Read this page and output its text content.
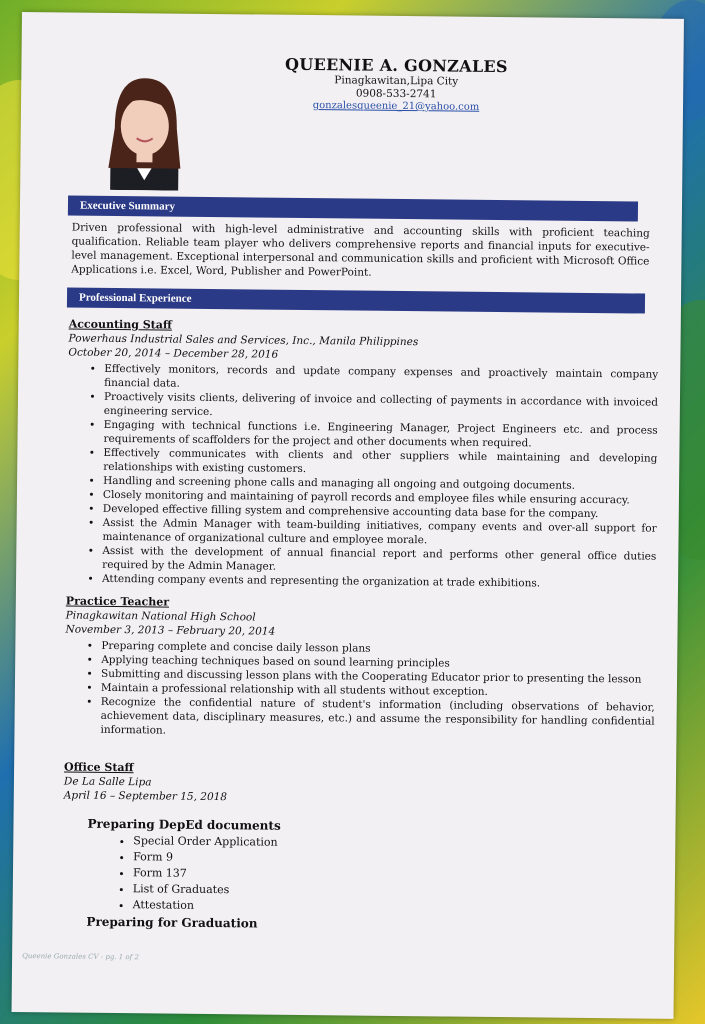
QUEENIE A. GONZALES
Pinagkawitan,Lipa City
0908-533-2741
gonzalesqueenie_21@yahoo.com
Executive Summary
Driven professional with high-level administrative and accounting skills with proficient teaching qualification. Reliable team player who delivers comprehensive reports and financial inputs for executive-level management. Exceptional interpersonal and communication skills and proficient with Microsoft Office Applications i.e. Excel, Word, Publisher and PowerPoint.
Professional Experience
Accounting Staff
Powerhaus Industrial Sales and Services, Inc., Manila Philippines
October 20, 2014 – December 28, 2016
• Effectively monitors, records and update company expenses and proactively maintain company financial data.
• Proactively visits clients, delivering of invoice and collecting of payments in accordance with invoiced engineering service.
• Engaging with technical functions i.e. Engineering Manager, Project Engineers etc. and process requirements of scaffolders for the project and other documents when required.
• Effectively communicates with clients and other suppliers while maintaining and developing relationships with existing customers.
• Handling and screening phone calls and managing all ongoing and outgoing documents.
• Closely monitoring and maintaining of payroll records and employee files while ensuring accuracy.
• Developed effective filling system and comprehensive accounting data base for the company.
• Assist the Admin Manager with team-building initiatives, company events and over-all support for maintenance of organizational culture and employee morale.
• Assist with the development of annual financial report and performs other general office duties required by the Admin Manager.
• Attending company events and representing the organization at trade exhibitions.
Practice Teacher
Pinagkawitan National High School
November 3, 2013 – February 20, 2014
• Preparing complete and concise daily lesson plans
• Applying teaching techniques based on sound learning principles
• Submitting and discussing lesson plans with the Cooperating Educator prior to presenting the lesson
• Maintain a professional relationship with all students without exception.
• Recognize the confidential nature of student's information (including observations of behavior, achievement data, disciplinary measures, etc.) and assume the responsibility for handling confidential information.
Office Staff
De La Salle Lipa
April 16 – September 15, 2018
Preparing DepEd documents
• Special Order Application
• Form 9
• Form 137
• List of Graduates
• Attestation
Preparing for Graduation
Queenie Gonzales CV - pg. 1 of 2
